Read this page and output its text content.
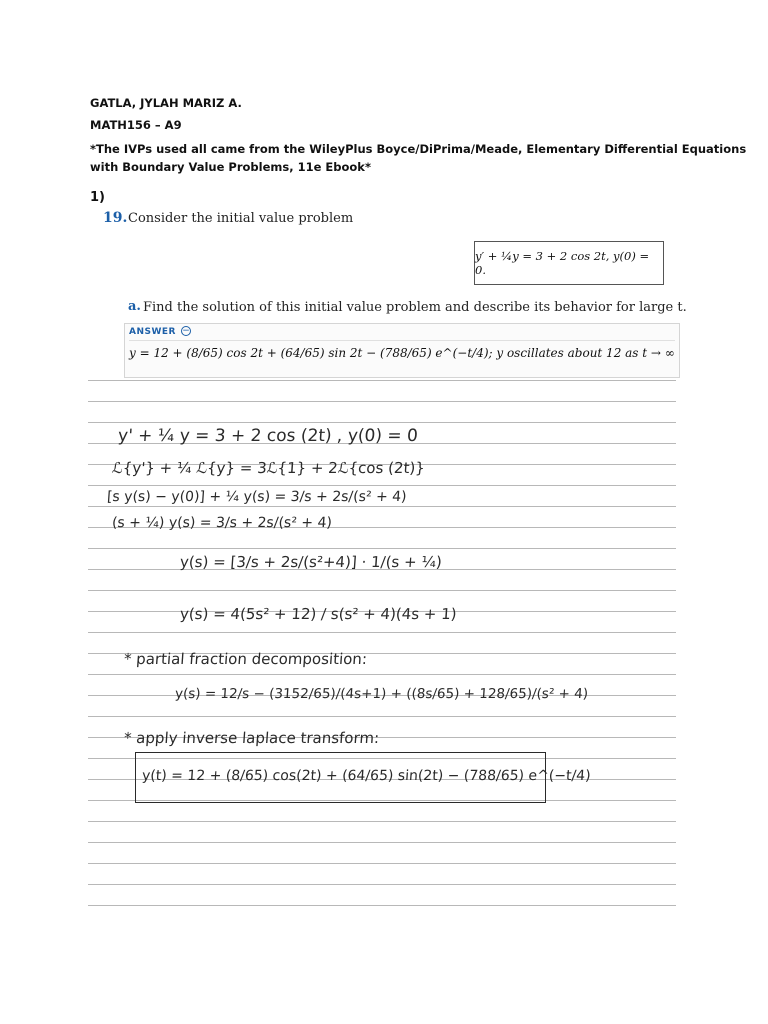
GATLA, JYLAH MARIZ A.
MATH156 – A9
*The IVPs used all came from the WileyPlus Boyce/DiPrima/Meade, Elementary Differential Equations
with Boundary Value Problems, 11e Ebook*
1)
19. Consider the initial value problem
y′ + ¼y = 3 + 2 cos 2t, y(0) = 0.
a. Find the solution of this initial value problem and describe its behavior for large t.
ANSWER −
y = 12 + (8/65) cos 2t + (64/65) sin 2t − (788/65) e^(−t/4); y oscillates about 12 as t → ∞
y' + ¼ y = 3 + 2 cos (2t) , y(0) = 0
ℒ{y'} + ¼ ℒ{y} = 3ℒ{1} + 2ℒ{cos (2t)}
[s y(s) − y(0)] + ¼ y(s) = 3/s + 2s/(s² + 4)
(s + ¼) y(s) = 3/s + 2s/(s² + 4)
y(s) = [3/s + 2s/(s²+4)] · 1/(s + ¼)
y(s) = 4(5s² + 12) / s(s² + 4)(4s + 1)
* partial fraction decomposition:
y(s) = 12/s − (3152/65)/(4s+1) + ((8s/65) + 128/65)/(s² + 4)
* apply inverse laplace transform:
y(t) = 12 + (8/65) cos(2t) + (64/65) sin(2t) − (788/65) e^(−t/4)
